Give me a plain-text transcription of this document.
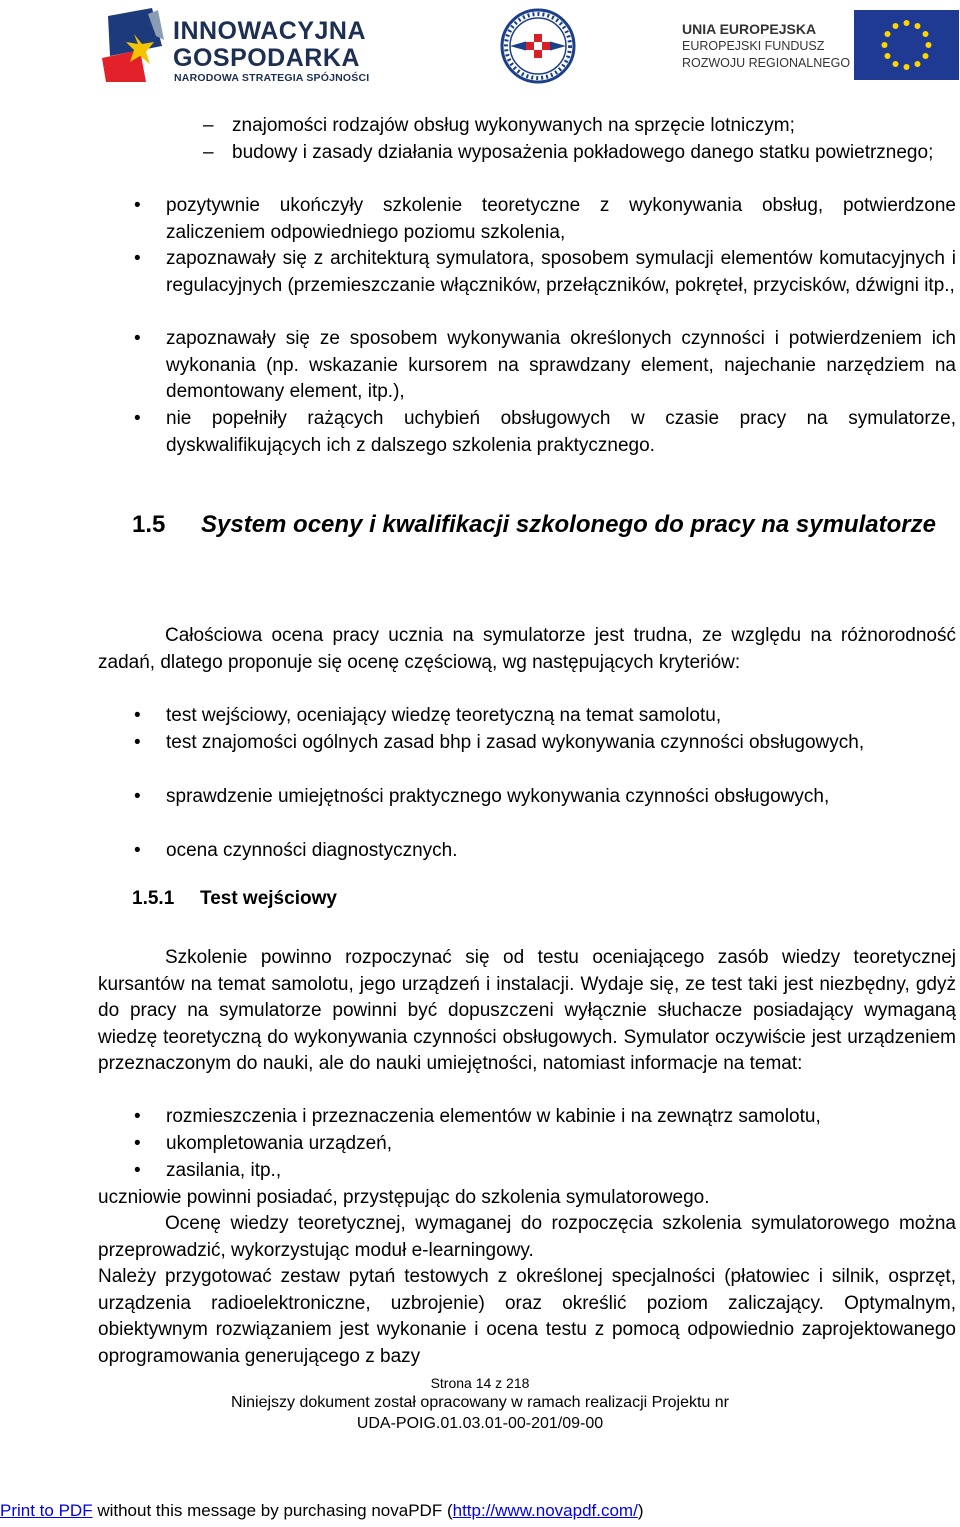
INNOWACYJNA
GOSPODARKA
NARODOWA STRATEGIA SPÓJNOŚCI
UNIA EUROPEJSKA
EUROPEJSKI FUNDUSZ
ROZWOJU REGIONALNEGO
– znajomości rodzajów obsług wykonywanych na sprzęcie lotniczym;

– budowy i zasady działania wyposażenia pokładowego danego statku powietrznego;

• pozytywnie ukończyły szkolenie teoretyczne z wykonywania obsług, potwierdzone zaliczeniem odpowiedniego poziomu szkolenia,

• zapoznawały się z architekturą symulatora, sposobem symulacji elementów komutacyjnych i regulacyjnych (przemieszczanie włączników, przełączników, pokręteł, przycisków, dźwigni itp.,

• zapoznawały się ze sposobem wykonywania określonych czynności i potwierdzeniem ich wykonania (np. wskazanie kursorem na sprawdzany element, najechanie narzędziem na demontowany element, itp.),

• nie popełniły rażących uchybień obsługowych w czasie pracy na symulatorze, dyskwalifikujących ich z dalszego szkolenia praktycznego.

1.5 System oceny i kwalifikacji szkolonego do pracy na symulatorze

Całościowa ocena pracy ucznia na symulatorze jest trudna, ze względu na różnorodność zadań, dlatego proponuje się ocenę częściową, wg następujących kryteriów:

• test wejściowy, oceniający wiedzę teoretyczną na temat samolotu,

• test znajomości ogólnych zasad bhp i zasad wykonywania czynności obsługowych,

• sprawdzenie umiejętności praktycznego wykonywania czynności obsługowych,

• ocena czynności diagnostycznych.

1.5.1 Test wejściowy

Szkolenie powinno rozpoczynać się od testu oceniającego zasób wiedzy teoretycznej kursantów na temat samolotu, jego urządzeń i instalacji. Wydaje się, ze test taki jest niezbędny, gdyż do pracy na symulatorze powinni być dopuszczeni wyłącznie słuchacze posiadający wymaganą wiedzę teoretyczną do wykonywania czynności obsługowych. Symulator oczywiście jest urządzeniem przeznaczonym do nauki, ale do nauki umiejętności, natomiast informacje na temat:

• rozmieszczenia i przeznaczenia elementów w kabinie i na zewnątrz samolotu,

• ukompletowania urządzeń,

• zasilania, itp.,

uczniowie powinni posiadać, przystępując do szkolenia symulatorowego.

Ocenę wiedzy teoretycznej, wymaganej do rozpoczęcia szkolenia symulatorowego można przeprowadzić, wykorzystując moduł e-learningowy.

Należy przygotować zestaw pytań testowych z określonej specjalności (płatowiec i silnik, osprzęt, urządzenia radioelektroniczne, uzbrojenie) oraz określić poziom zaliczający. Optymalnym, obiektywnym rozwiązaniem jest wykonanie i ocena testu z pomocą odpowiednio zaprojektowanego oprogramowania generującego z bazy

Strona 14 z 218
Niniejszy dokument został opracowany w ramach realizacji Projektu nr
UDA-POIG.01.03.01-00-201/09-00
Print to PDF without this message by purchasing novaPDF (http://www.novapdf.com/)
